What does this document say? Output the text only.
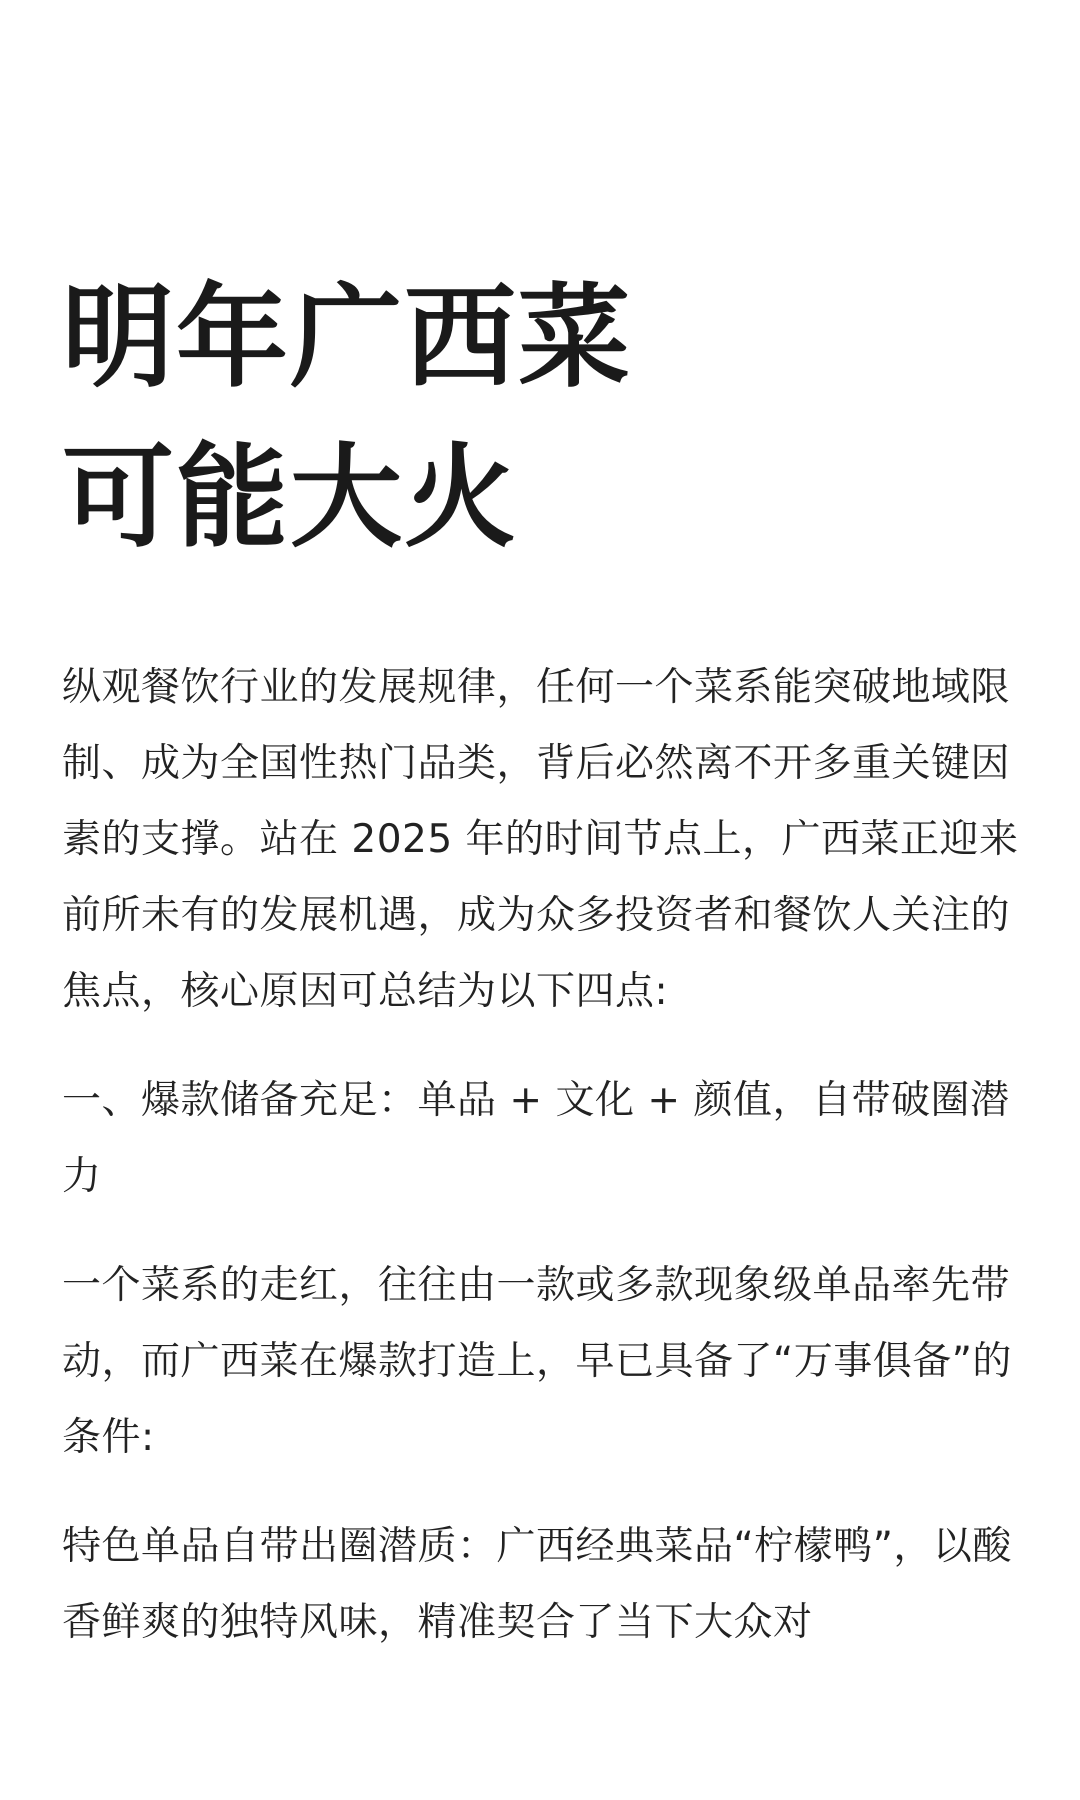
明年广西菜
可能大火

纵观餐饮行业的发展规律，任何一个菜系能突破地域限制、成为全国性热门品类，背后必然离不开多重关键因素的支撑。站在 2025 年的时间节点上，广西菜正迎来前所未有的发展机遇，成为众多投资者和餐饮人关注的焦点，核心原因可总结为以下四点:

一、爆款储备充足：单品 + 文化 + 颜值，自带破圈潜力

一个菜系的走红，往往由一款或多款现象级单品率先带动，而广西菜在爆款打造上，早已具备了“万事俱备”的条件:

特色单品自带出圈潜质：广西经典菜品“柠檬鸭”，以酸香鲜爽的独特风味，精准契合了当下大众对
